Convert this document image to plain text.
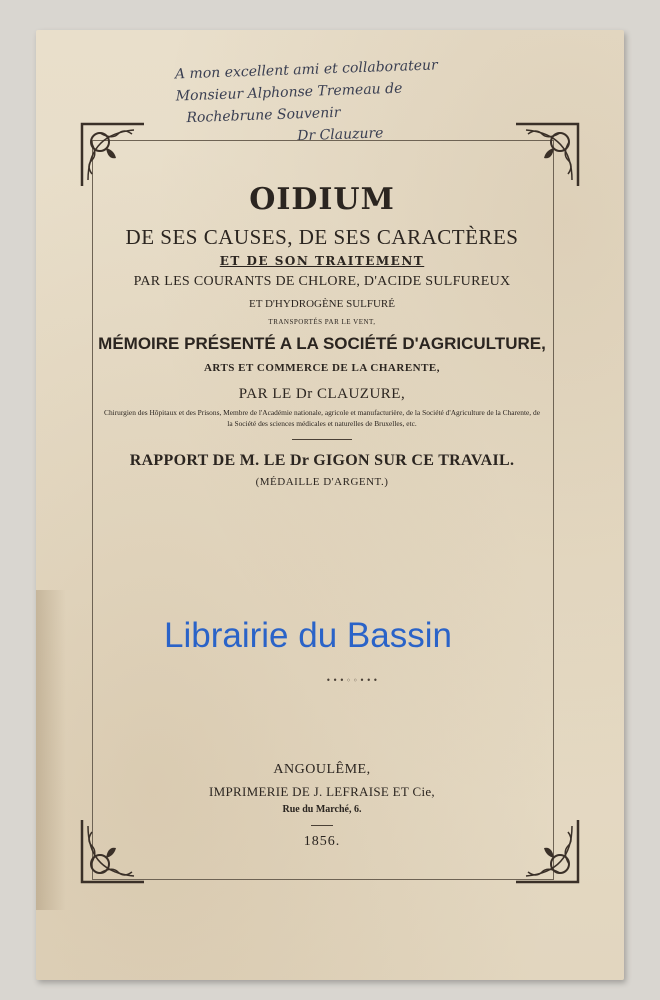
A mon excellent ami et collaborateur
Monsieur Alphonse Tremeau de
Rochebrune Souvenir
Dr Clauzure
OIDIUM
DE SES CAUSES, DE SES CARACTÈRES
ET DE SON TRAITEMENT
PAR LES COURANTS DE CHLORE, D'ACIDE SULFUREUX
ET D'HYDROGÈNE SULFURÉ
TRANSPORTÉS PAR LE VENT,
MÉMOIRE PRÉSENTÉ A LA SOCIÉTÉ D'AGRICULTURE,
ARTS ET COMMERCE DE LA CHARENTE,
PAR LE Dr CLAUZURE,
Chirurgien des Hôpitaux et des Prisons, Membre de l'Académie nationale, agricole et manufacturière, de la Société d'Agriculture de la Charente, de la Société des sciences médicales et naturelles de Bruxelles, etc.
RAPPORT DE M. LE Dr GIGON SUR CE TRAVAIL.
(MÉDAILLE D'ARGENT.)
•••◦◦•••
ANGOULÊME,
IMPRIMERIE DE J. LEFRAISE ET Cie,
Rue du Marché, 6.
1856.
Librairie du Bassin
